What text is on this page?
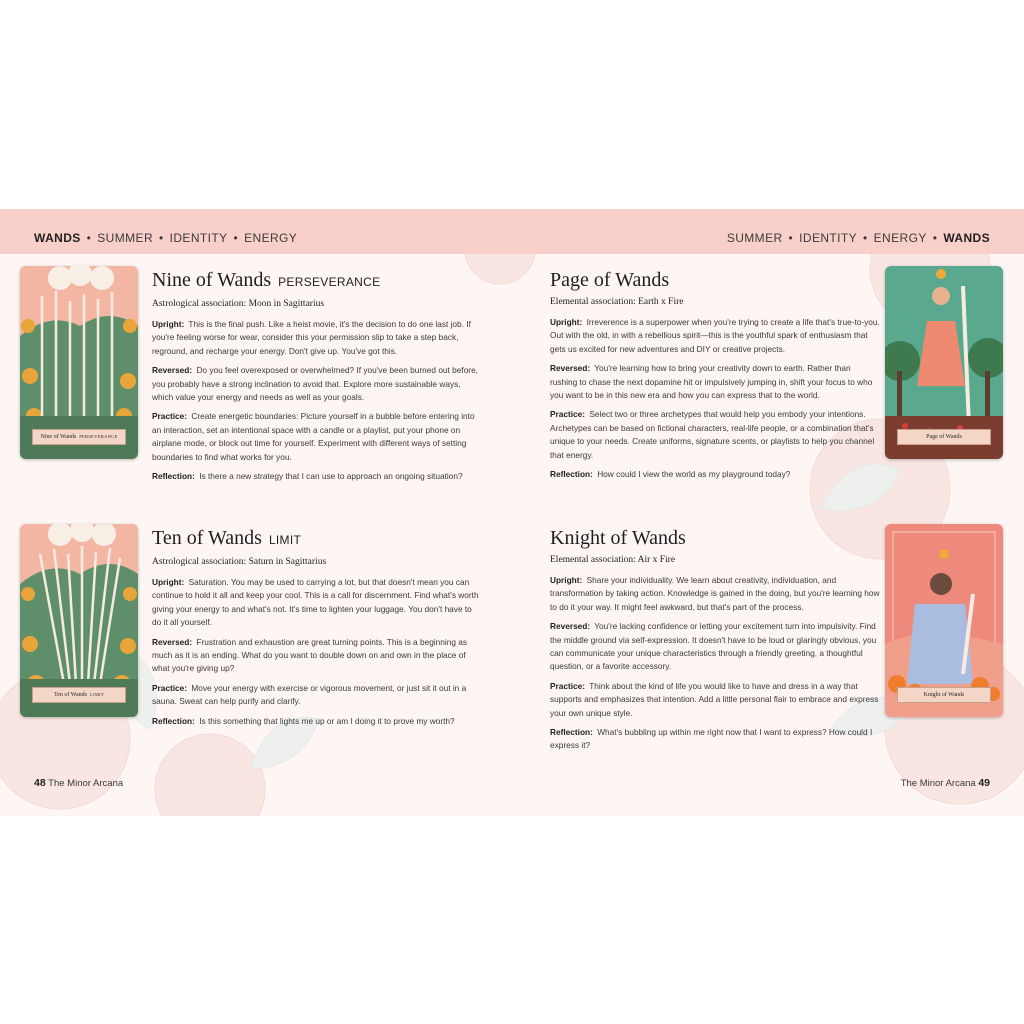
WANDS • SUMMER • IDENTITY • ENERGY	SUMMER • IDENTITY • ENERGY • WANDS
Nine of Wands PERSEVERANCE
Ten of Wands LIMIT
Page of Wands
Knight of Wands
Nine of Wands PERSEVERANCE
Astrological association: Moon in Sagittarius

Upright: This is the final push. Like a heist movie, it's the decision to do one last job. If you're feeling worse for wear, consider this your permission slip to take a step back, reground, and recharge your energy. Don't give up. You've got this.

Reversed: Do you feel overexposed or overwhelmed? If you've been burned out before, you probably have a strong inclination to avoid that. Explore more sustainable ways, which value your energy and needs as well as your goals.

Practice: Create energetic boundaries: Picture yourself in a bubble before entering into an interaction, set an intentional space with a candle or a playlist, put your phone on airplane mode, or block out time for yourself. Experiment with different ways of setting boundaries to find what works for you.

Reflection: Is there a new strategy that I can use to approach an ongoing situation?

Ten of Wands LIMIT
Astrological association: Saturn in Sagittarius

Upright: Saturation. You may be used to carrying a lot, but that doesn't mean you can continue to hold it all and keep your cool. This is a call for discernment. Find what's worth giving your energy to and what's not. It's time to lighten your luggage. You don't have to do it all yourself.

Reversed: Frustration and exhaustion are great turning points. This is a beginning as much as it is an ending. What do you want to double down on and own in the place of what you're giving up?

Practice: Move your energy with exercise or vigorous movement, or just sit it out in a sauna. Sweat can help purify and clarify.

Reflection: Is this something that lights me up or am I doing it to prove my worth?

Page of Wands
Elemental association: Earth x Fire

Upright: Irreverence is a superpower when you're trying to create a life that's true-to-you. Out with the old, in with a rebellious spirit—this is the youthful spark of enthusiasm that gets us excited for new adventures and DIY or creative projects.

Reversed: You're learning how to bring your creativity down to earth. Rather than rushing to chase the next dopamine hit or impulsively jumping in, shift your focus to who you want to be in this new era and how you can express that to the world.

Practice: Select two or three archetypes that would help you embody your intentions. Archetypes can be based on fictional characters, real-life people, or a combination that's unique to your needs. Create uniforms, signature scents, or playlists to help you channel that energy.

Reflection: How could I view the world as my playground today?

Knight of Wands
Elemental association: Air x Fire

Upright: Share your individuality. We learn about creativity, individuation, and transformation by taking action. Knowledge is gained in the doing, but you're learning how to do it your way. It might feel awkward, but that's part of the process.

Reversed: You're lacking confidence or letting your excitement turn into impulsivity. Find the middle ground via self-expression. It doesn't have to be loud or glaringly obvious, you can communicate your unique characteristics through a friendly greeting, a thoughtful question, or a favorite accessory.

Practice: Think about the kind of life you would like to have and dress in a way that supports and emphasizes that intention. Add a little personal flair to embrace and express your own unique style.

Reflection: What's bubbling up within me right now that I want to express? How could I express it?

48 The Minor Arcana	The Minor Arcana 49
